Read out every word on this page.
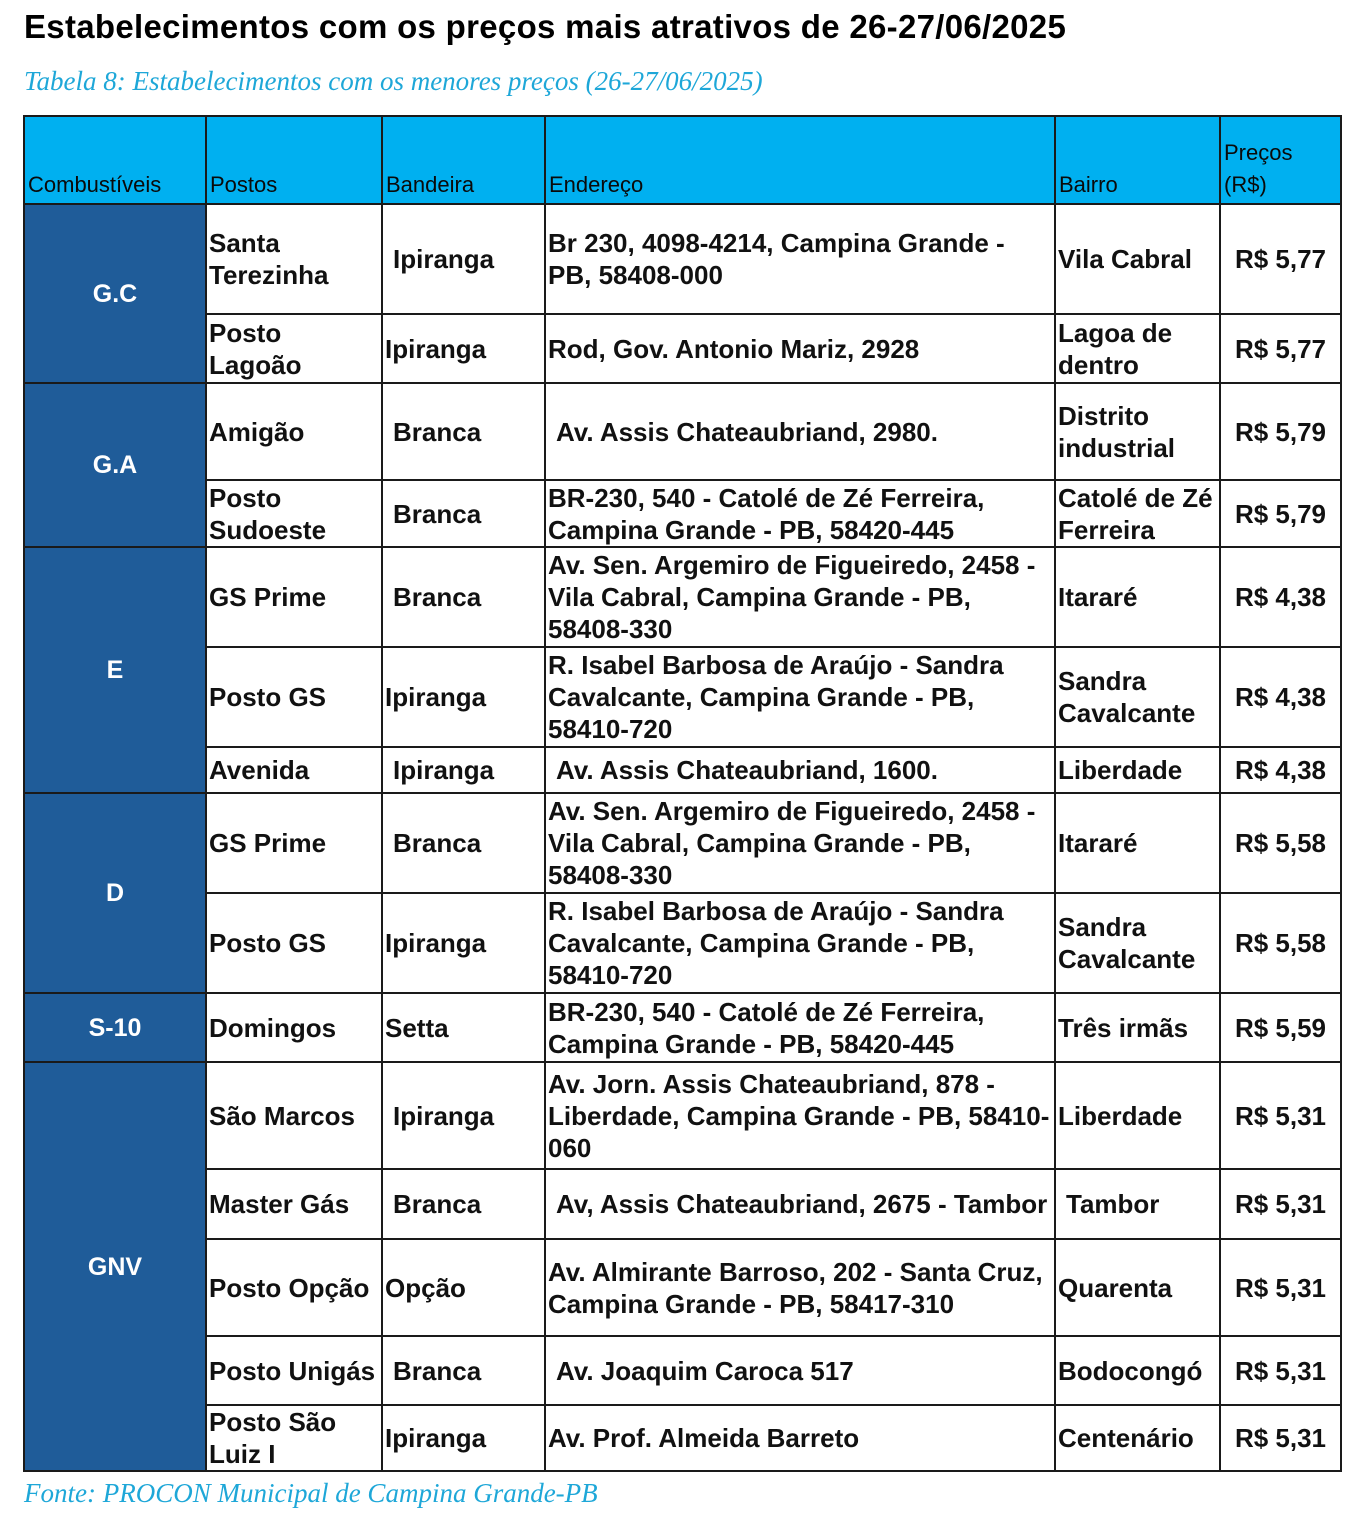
Estabelecimentos com os preços mais atrativos de 26-27/06/2025
Tabela 8: Estabelecimentos com os menores preços (26-27/06/2025)
Combustíveis	Postos	Bandeira	Endereço	Bairro	Preços (R$)
G.C	Santa Terezinha	Ipiranga	Br 230, 4098-4214, Campina Grande - PB, 58408-000	Vila Cabral	R$ 5,77
	Posto Lagoão	Ipiranga	Rod, Gov. Antonio Mariz, 2928	Lagoa de dentro	R$ 5,77
G.A	Amigão	Branca	Av. Assis Chateaubriand, 2980.	Distrito industrial	R$ 5,79
	Posto Sudoeste	Branca	BR-230, 540 - Catolé de Zé Ferreira, Campina Grande - PB, 58420-445	Catolé de Zé Ferreira	R$ 5,79
E	GS Prime	Branca	Av. Sen. Argemiro de Figueiredo, 2458 - Vila Cabral, Campina Grande - PB, 58408-330	Itararé	R$ 4,38
	Posto GS	Ipiranga	R. Isabel Barbosa de Araújo - Sandra Cavalcante, Campina Grande - PB, 58410-720	Sandra Cavalcante	R$ 4,38
	Avenida	Ipiranga	Av. Assis Chateaubriand, 1600.	Liberdade	R$ 4,38
D	GS Prime	Branca	Av. Sen. Argemiro de Figueiredo, 2458 - Vila Cabral, Campina Grande - PB, 58408-330	Itararé	R$ 5,58
	Posto GS	Ipiranga	R. Isabel Barbosa de Araújo - Sandra Cavalcante, Campina Grande - PB, 58410-720	Sandra Cavalcante	R$ 5,58
S-10	Domingos	Setta	BR-230, 540 - Catolé de Zé Ferreira, Campina Grande - PB, 58420-445	Três irmãs	R$ 5,59
GNV	São Marcos	Ipiranga	Av. Jorn. Assis Chateaubriand, 878 - Liberdade, Campina Grande - PB, 58410-060	Liberdade	R$ 5,31
	Master Gás	Branca	Av, Assis Chateaubriand, 2675 - Tambor	Tambor	R$ 5,31
	Posto Opção	Opção	Av. Almirante Barroso, 202 - Santa Cruz, Campina Grande - PB, 58417-310	Quarenta	R$ 5,31
	Posto Unigás	Branca	Av. Joaquim Caroca 517	Bodocongó	R$ 5,31
	Posto São Luiz I	Ipiranga	Av. Prof. Almeida Barreto	Centenário	R$ 5,31
Fonte: PROCON Municipal de Campina Grande-PB
